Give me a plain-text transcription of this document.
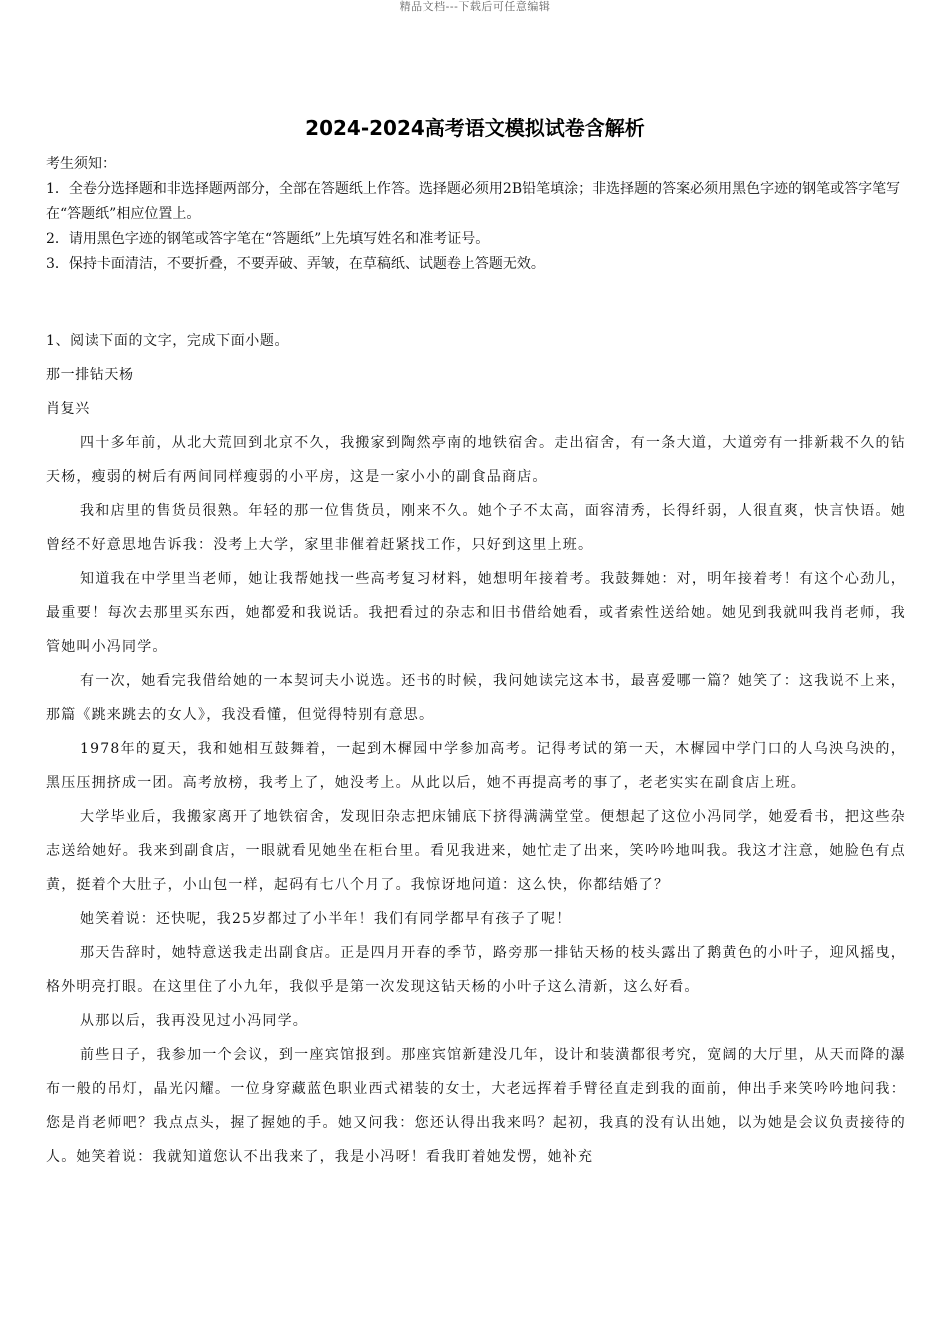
精品文档---下载后可任意编辑
2024-2024高考语文模拟试卷含解析

考生须知：

1．全卷分选择题和非选择题两部分，全部在答题纸上作答。选择题必须用2B铅笔填涂；非选择题的答案必须用黑色字迹的钢笔或答字笔写在“答题纸”相应位置上。

2．请用黑色字迹的钢笔或答字笔在“答题纸”上先填写姓名和准考证号。

3．保持卡面清洁，不要折叠，不要弄破、弄皱，在草稿纸、试题卷上答题无效。

1、阅读下面的文字，完成下面小题。

那一排钻天杨

肖复兴

四十多年前，从北大荒回到北京不久，我搬家到陶然亭南的地铁宿舍。走出宿舍，有一条大道，大道旁有一排新栽不久的钻天杨，瘦弱的树后有两间同样瘦弱的小平房，这是一家小小的副食品商店。

我和店里的售货员很熟。年轻的那一位售货员，刚来不久。她个子不太高，面容清秀，长得纤弱，人很直爽，快言快语。她曾经不好意思地告诉我：没考上大学，家里非催着赶紧找工作，只好到这里上班。

知道我在中学里当老师，她让我帮她找一些高考复习材料，她想明年接着考。我鼓舞她：对，明年接着考！有这个心劲儿，最重要！每次去那里买东西，她都爱和我说话。我把看过的杂志和旧书借给她看，或者索性送给她。她见到我就叫我肖老师，我管她叫小冯同学。

有一次，她看完我借给她的一本契诃夫小说选。还书的时候，我问她读完这本书，最喜爱哪一篇？她笑了：这我说不上来，那篇《跳来跳去的女人》，我没看懂，但觉得特别有意思。

1978年的夏天，我和她相互鼓舞着，一起到木樨园中学参加高考。记得考试的第一天，木樨园中学门口的人乌泱乌泱的，黑压压拥挤成一团。高考放榜，我考上了，她没考上。从此以后，她不再提高考的事了，老老实实在副食店上班。

大学毕业后，我搬家离开了地铁宿舍，发现旧杂志把床铺底下挤得满满堂堂。便想起了这位小冯同学，她爱看书，把这些杂志送给她好。我来到副食店，一眼就看见她坐在柜台里。看见我进来，她忙走了出来，笑吟吟地叫我。我这才注意，她脸色有点黄，挺着个大肚子，小山包一样，起码有七八个月了。我惊讶地问道：这么快，你都结婚了？

她笑着说：还快呢，我25岁都过了小半年！我们有同学都早有孩子了呢！

那天告辞时，她特意送我走出副食店。正是四月开春的季节，路旁那一排钻天杨的枝头露出了鹅黄色的小叶子，迎风摇曳，格外明亮打眼。在这里住了小九年，我似乎是第一次发现这钻天杨的小叶子这么清新，这么好看。

从那以后，我再没见过小冯同学。

前些日子，我参加一个会议，到一座宾馆报到。那座宾馆新建没几年，设计和装潢都很考究，宽阔的大厅里，从天而降的瀑布一般的吊灯，晶光闪耀。一位身穿藏蓝色职业西式裙装的女士，大老远挥着手臂径直走到我的面前，伸出手来笑吟吟地问我：您是肖老师吧？我点点头，握了握她的手。她又问我：您还认得出我来吗？起初，我真的没有认出她，以为她是会议负责接待的人。她笑着说：我就知道您认不出我来了，我是小冯呀！看我盯着她发愣，她补充
